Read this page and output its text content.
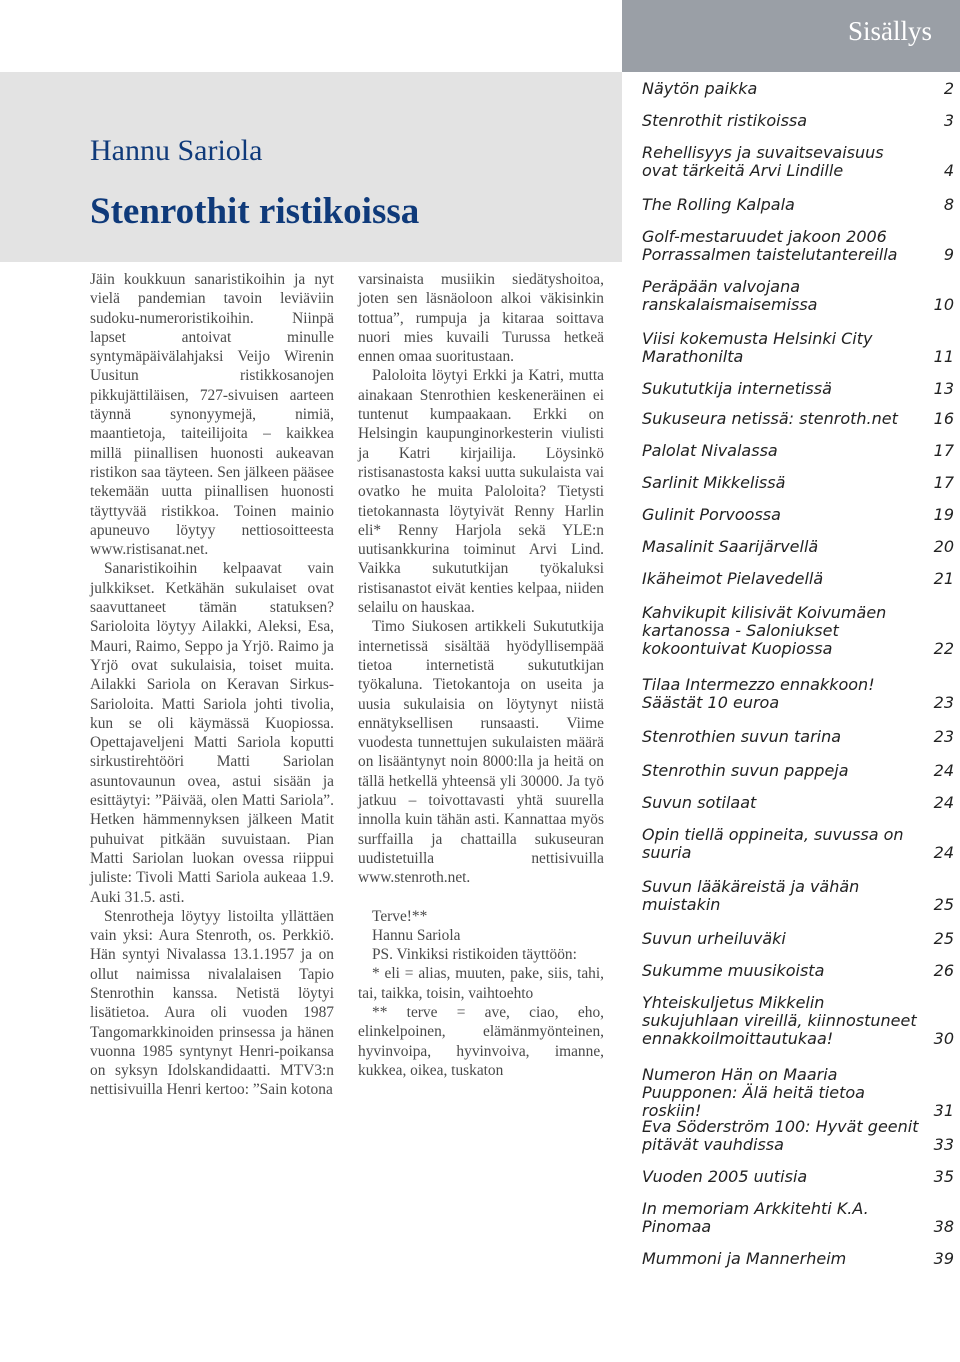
Hannu Sariola
Stenrothit ristikoissa

Jäin koukkuun sanaristikoihin ja nyt vielä pandemian tavoin leviäviin sudoku-numeroristikoihin. Niinpä lapset antoivat minulle syntymäpäivälahjaksi Veijo Wirenin Uusitun ristikkosanojen pikkujättiläisen, 727-sivuisen aarteen täynnä synonyymejä, nimiä, maantietoja, taiteilijoita – kaikkea millä piinallisen huonosti aukeavan ristikon saa täyteen. Sen jälkeen pääsee tekemään uutta piinallisen huonosti täyttyvää ristikkoa. Toinen mainio apuneuvo löytyy nettiosoitteesta www.ristisanat.net.

Sanaristikoihin kelpaavat vain julkkikset. Ketkähän sukulaiset ovat saavuttaneet tämän statuksen? Sarioloita löytyy Ailakki, Aleksi, Esa, Mauri, Raimo, Seppo ja Yrjö. Raimo ja Yrjö ovat sukulaisia, toiset muita. Ailakki Sariola on Keravan Sirkus-Sarioloita. Matti Sariola johti tivolia, kun se oli käymässä Kuopiossa. Opettajaveljeni Matti Sariola koputti sirkustirehtööri Matti Sariolan asuntovaunun ovea, astui sisään ja esittäytyi: ”Päivää, olen Matti Sariola”. Hetken hämmennyksen jälkeen Matit puhuivat pitkään suvuistaan. Pian Matti Sariolan luokan ovessa riippui juliste: Tivoli Matti Sariola aukeaa 1.9. Auki 31.5. asti.

Stenrotheja löytyy listoilta yllättäen vain yksi: Aura Stenroth, os. Perkkiö. Hän syntyi Nivalassa 13.1.1957 ja on ollut naimissa nivalalaisen Tapio Stenrothin kanssa. Netistä löytyi lisätietoa. Aura oli vuoden 1987 Tangomarkkinoiden prinsessa ja hänen vuonna 1985 syntynyt Henri-poikansa on syksyn Idolskandidaatti. MTV3:n nettisivuilla Henri kertoo: ”Sain kotona

varsinaista musiikin siedätyshoitoa, joten sen läsnäoloon alkoi väkisinkin tottua”, rumpuja ja kitaraa soittava nuori mies kuvaili Turussa hetkeä ennen omaa suoritustaan.

Paloloita löytyi Erkki ja Katri, mutta ainakaan Stenrothien keskeneräinen ei tuntenut kumpaakaan. Erkki on Helsingin kaupunginorkesterin viulisti ja Katri kirjailija. Löysinkö ristisanastosta kaksi uutta sukulaista vai ovatko he muita Paloloita? Tietysti tietokannasta löytyivät Renny Harlin eli* Renny Harjola sekä YLE:n uutisankkurina toiminut Arvi Lind. Vaikka sukututkijan työkaluksi ristisanastot eivät kenties kelpaa, niiden selailu on hauskaa.

Timo Siukosen artikkeli Sukututkija internetissä sisältää hyödyllisempää tietoa internetistä sukututkijan työkaluna. Tietokantoja on useita ja uusia sukulaisia on löytynyt niistä ennätyksellisen runsaasti. Viime vuodesta tunnettujen sukulaisten määrä on lisääntynyt noin 8000:lla ja heitä on tällä hetkellä yhteensä yli 30000. Ja työ jatkuu – toivottavasti yhtä suurella innolla kuin tähän asti. Kannattaa myös surffailla ja chattailla sukuseuran uudistetuilla nettisivuilla www.stenroth.net.

Terve!**

Hannu Sariola

PS. Vinkiksi ristikoiden täyttöön:

* eli = alias, muuten, pake, siis, tahi, tai, taikka, toisin, vaihtoehto

** terve = ave, ciao, eho, elinkelpoinen, elämänmyönteinen, hyvinvoipa, hyvinvoiva, imanne, kukkea, oikea, tuskaton

Sisällys
Näytön paikka	2
Stenrothit ristikoissa	3
Rehellisyys ja suvaitsevaisuus ovat tärkeitä Arvi Lindille	4
The Rolling Kalpala	8
Golf-mestaruudet jakoon 2006 Porrassalmen taistelutantereilla	9
Peräpään valvojana ranskalaismaisemissa	10
Viisi kokemusta Helsinki City Marathonilta	11
Sukututkija internetissä	13
Sukuseura netissä: stenroth.net	16
Palolat Nivalassa	17
Sarlinit Mikkelissä	17
Gulinit Porvoossa	19
Masalinit Saarijärvellä	20
Ikäheimot Pielavedellä	21
Kahvikupit kilisivät Koivumäen kartanossa - Saloniukset kokoontuivat Kuopiossa	22
Tilaa Intermezzo ennakkoon! Säästät 10 euroa	23
Stenrothien suvun tarina	23
Stenrothin suvun pappeja	24
Suvun sotilaat	24
Opin tiellä oppineita, suvussa on suuria	24
Suvun lääkäreistä ja vähän muistakin	25
Suvun urheiluväki	25
Sukumme muusikoista	26
Yhteiskuljetus Mikkelin sukujuhlaan vireillä, kiinnostuneet ennakkoilmoittautukaa!	30
Numeron Hän on Maaria Puupponen: Älä heitä tietoa roskiin!	31
Eva Söderström 100: Hyvät geenit pitävät vauhdissa	33
Vuoden 2005 uutisia	35
In memoriam Arkkitehti K.A. Pinomaa	38
Mummoni ja Mannerheim	39
